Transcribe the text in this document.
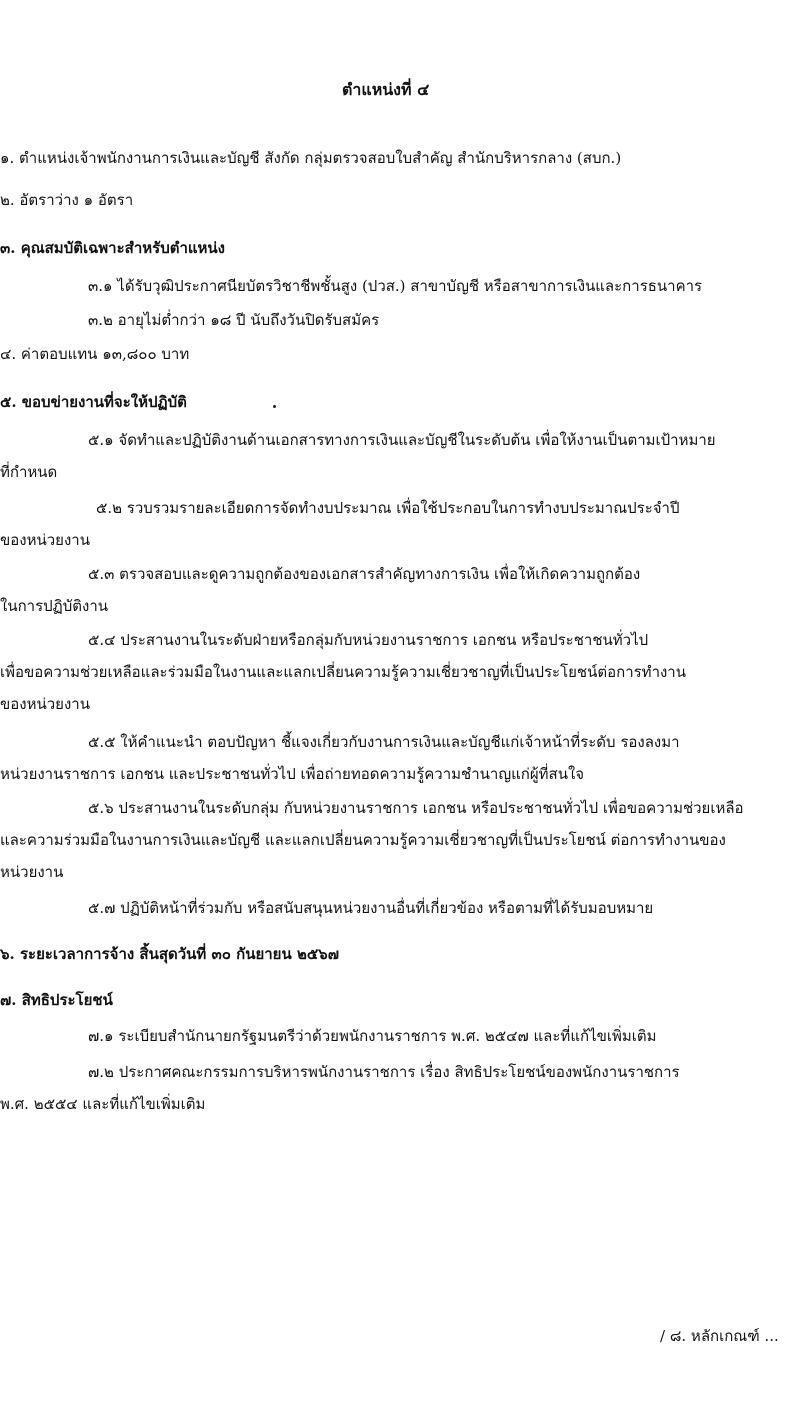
ตำแหน่งที่ ๔
๑. ตำแหน่งเจ้าพนักงานการเงินและบัญชี สังกัด กลุ่มตรวจสอบใบสำคัญ สำนักบริหารกลาง (สบก.)
๒. อัตราว่าง ๑ อัตรา
๓. คุณสมบัติเฉพาะสำหรับตำแหน่ง
๓.๑ ได้รับวุฒิประกาศนียบัตรวิชาชีพชั้นสูง (ปวส.) สาขาบัญชี หรือสาขาการเงินและการธนาคาร
๓.๒ อายุไม่ต่ำกว่า ๑๘ ปี นับถึงวันปิดรับสมัคร
๔. ค่าตอบแทน ๑๓,๘๐๐ บาท
๕. ขอบข่ายงานที่จะให้ปฏิบัติ
๕.๑ จัดทำและปฏิบัติงานด้านเอกสารทางการเงินและบัญชีในระดับต้น เพื่อให้งานเป็นตามเป้าหมาย
ที่กำหนด
๕.๒ รวบรวมรายละเอียดการจัดทำงบประมาณ เพื่อใช้ประกอบในการทำงบประมาณประจำปี
ของหน่วยงาน
๕.๓ ตรวจสอบและดูความถูกต้องของเอกสารสำคัญทางการเงิน เพื่อให้เกิดความถูกต้อง
ในการปฏิบัติงาน
๕.๔ ประสานงานในระดับฝ่ายหรือกลุ่มกับหน่วยงานราชการ เอกชน หรือประชาชนทั่วไป
เพื่อขอความช่วยเหลือและร่วมมือในงานและแลกเปลี่ยนความรู้ความเชี่ยวชาญที่เป็นประโยชน์ต่อการทำงาน
ของหน่วยงาน
๕.๕ ให้คำแนะนำ ตอบปัญหา ชี้แจงเกี่ยวกับงานการเงินและบัญชีแก่เจ้าหน้าที่ระดับ รองลงมา
หน่วยงานราชการ เอกชน และประชาชนทั่วไป เพื่อถ่ายทอดความรู้ความชำนาญแก่ผู้ที่สนใจ
๕.๖ ประสานงานในระดับกลุ่ม กับหน่วยงานราชการ เอกชน หรือประชาชนทั่วไป เพื่อขอความช่วยเหลือ
และความร่วมมือในงานการเงินและบัญชี และแลกเปลี่ยนความรู้ความเชี่ยวชาญที่เป็นประโยชน์ ต่อการทำงานของ
หน่วยงาน
๕.๗ ปฏิบัติหน้าที่ร่วมกับ หรือสนับสนุนหน่วยงานอื่นที่เกี่ยวข้อง หรือตามที่ได้รับมอบหมาย
๖. ระยะเวลาการจ้าง สิ้นสุดวันที่ ๓๐ กันยายน ๒๕๖๗
๗. สิทธิประโยชน์
๗.๑ ระเบียบสำนักนายกรัฐมนตรีว่าด้วยพนักงานราชการ พ.ศ. ๒๕๔๗ และที่แก้ไขเพิ่มเติม
๗.๒ ประกาศคณะกรรมการบริหารพนักงานราชการ เรื่อง สิทธิประโยชน์ของพนักงานราชการ
พ.ศ. ๒๕๕๔ และที่แก้ไขเพิ่มเติม
/ ๘. หลักเกณฑ์ ...
